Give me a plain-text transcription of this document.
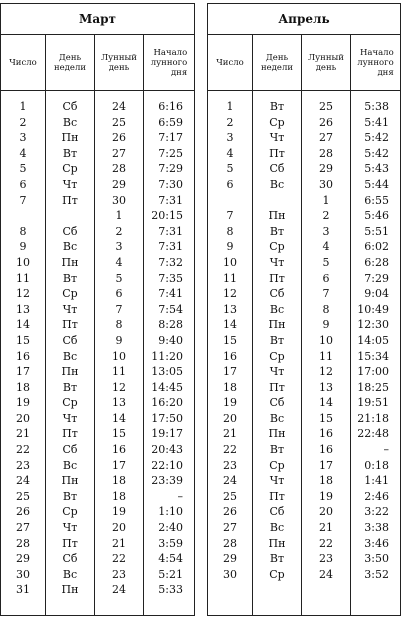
Март
Число	День
недели
Лунный
день
Начало
лунного
дня
1
2
3
4
5
6
7
8
9
10
11
12
13
14
15
16
17
18
19
20
21
22
23
24
25
26
27
28
29
30
31
Сб
Вс
Пн
Вт
Ср
Чт
Пт
Сб
Вс
Пн
Вт
Ср
Чт
Пт
Сб
Вс
Пн
Вт
Ср
Чт
Пт
Сб
Вс
Пн
Вт
Ср
Чт
Пт
Сб
Вс
Пн
24
25
26
27
28
29
30
1
2
3
4
5
6
7
8
9
10
11
12
13
14
15
16
17
18
18
19
20
21
22
23
24
6:16
6:59
7:17
7:25
7:29
7:30
7:31
20:15
7:31
7:31
7:32
7:35
7:41
7:54
8:28
9:40
11:20
13:05
14:45
16:20
17:50
19:17
20:43
22:10
23:39
–
1:10
2:40
3:59
4:54
5:21
5:33
Апрель
Число	День
недели
Лунный
день
Начало
лунного
дня
1
2
3
4
5
6
7
8
9
10
11
12
13
14
15
16
17
18
19
20
21
22
23
24
25
26
27
28
29
30
Вт
Ср
Чт
Пт
Сб
Вс
Пн
Вт
Ср
Чт
Пт
Сб
Вс
Пн
Вт
Ср
Чт
Пт
Сб
Вс
Пн
Вт
Ср
Чт
Пт
Сб
Вс
Пн
Вт
Ср
25
26
27
28
29
30
1
2
3
4
5
6
7
8
9
10
11
12
13
14
15
16
16
17
18
19
20
21
22
23
24
5:38
5:41
5:42
5:42
5:43
5:44
6:55
5:46
5:51
6:02
6:28
7:29
9:04
10:49
12:30
14:05
15:34
17:00
18:25
19:51
21:18
22:48
–
0:18
1:41
2:46
3:22
3:38
3:46
3:50
3:52
